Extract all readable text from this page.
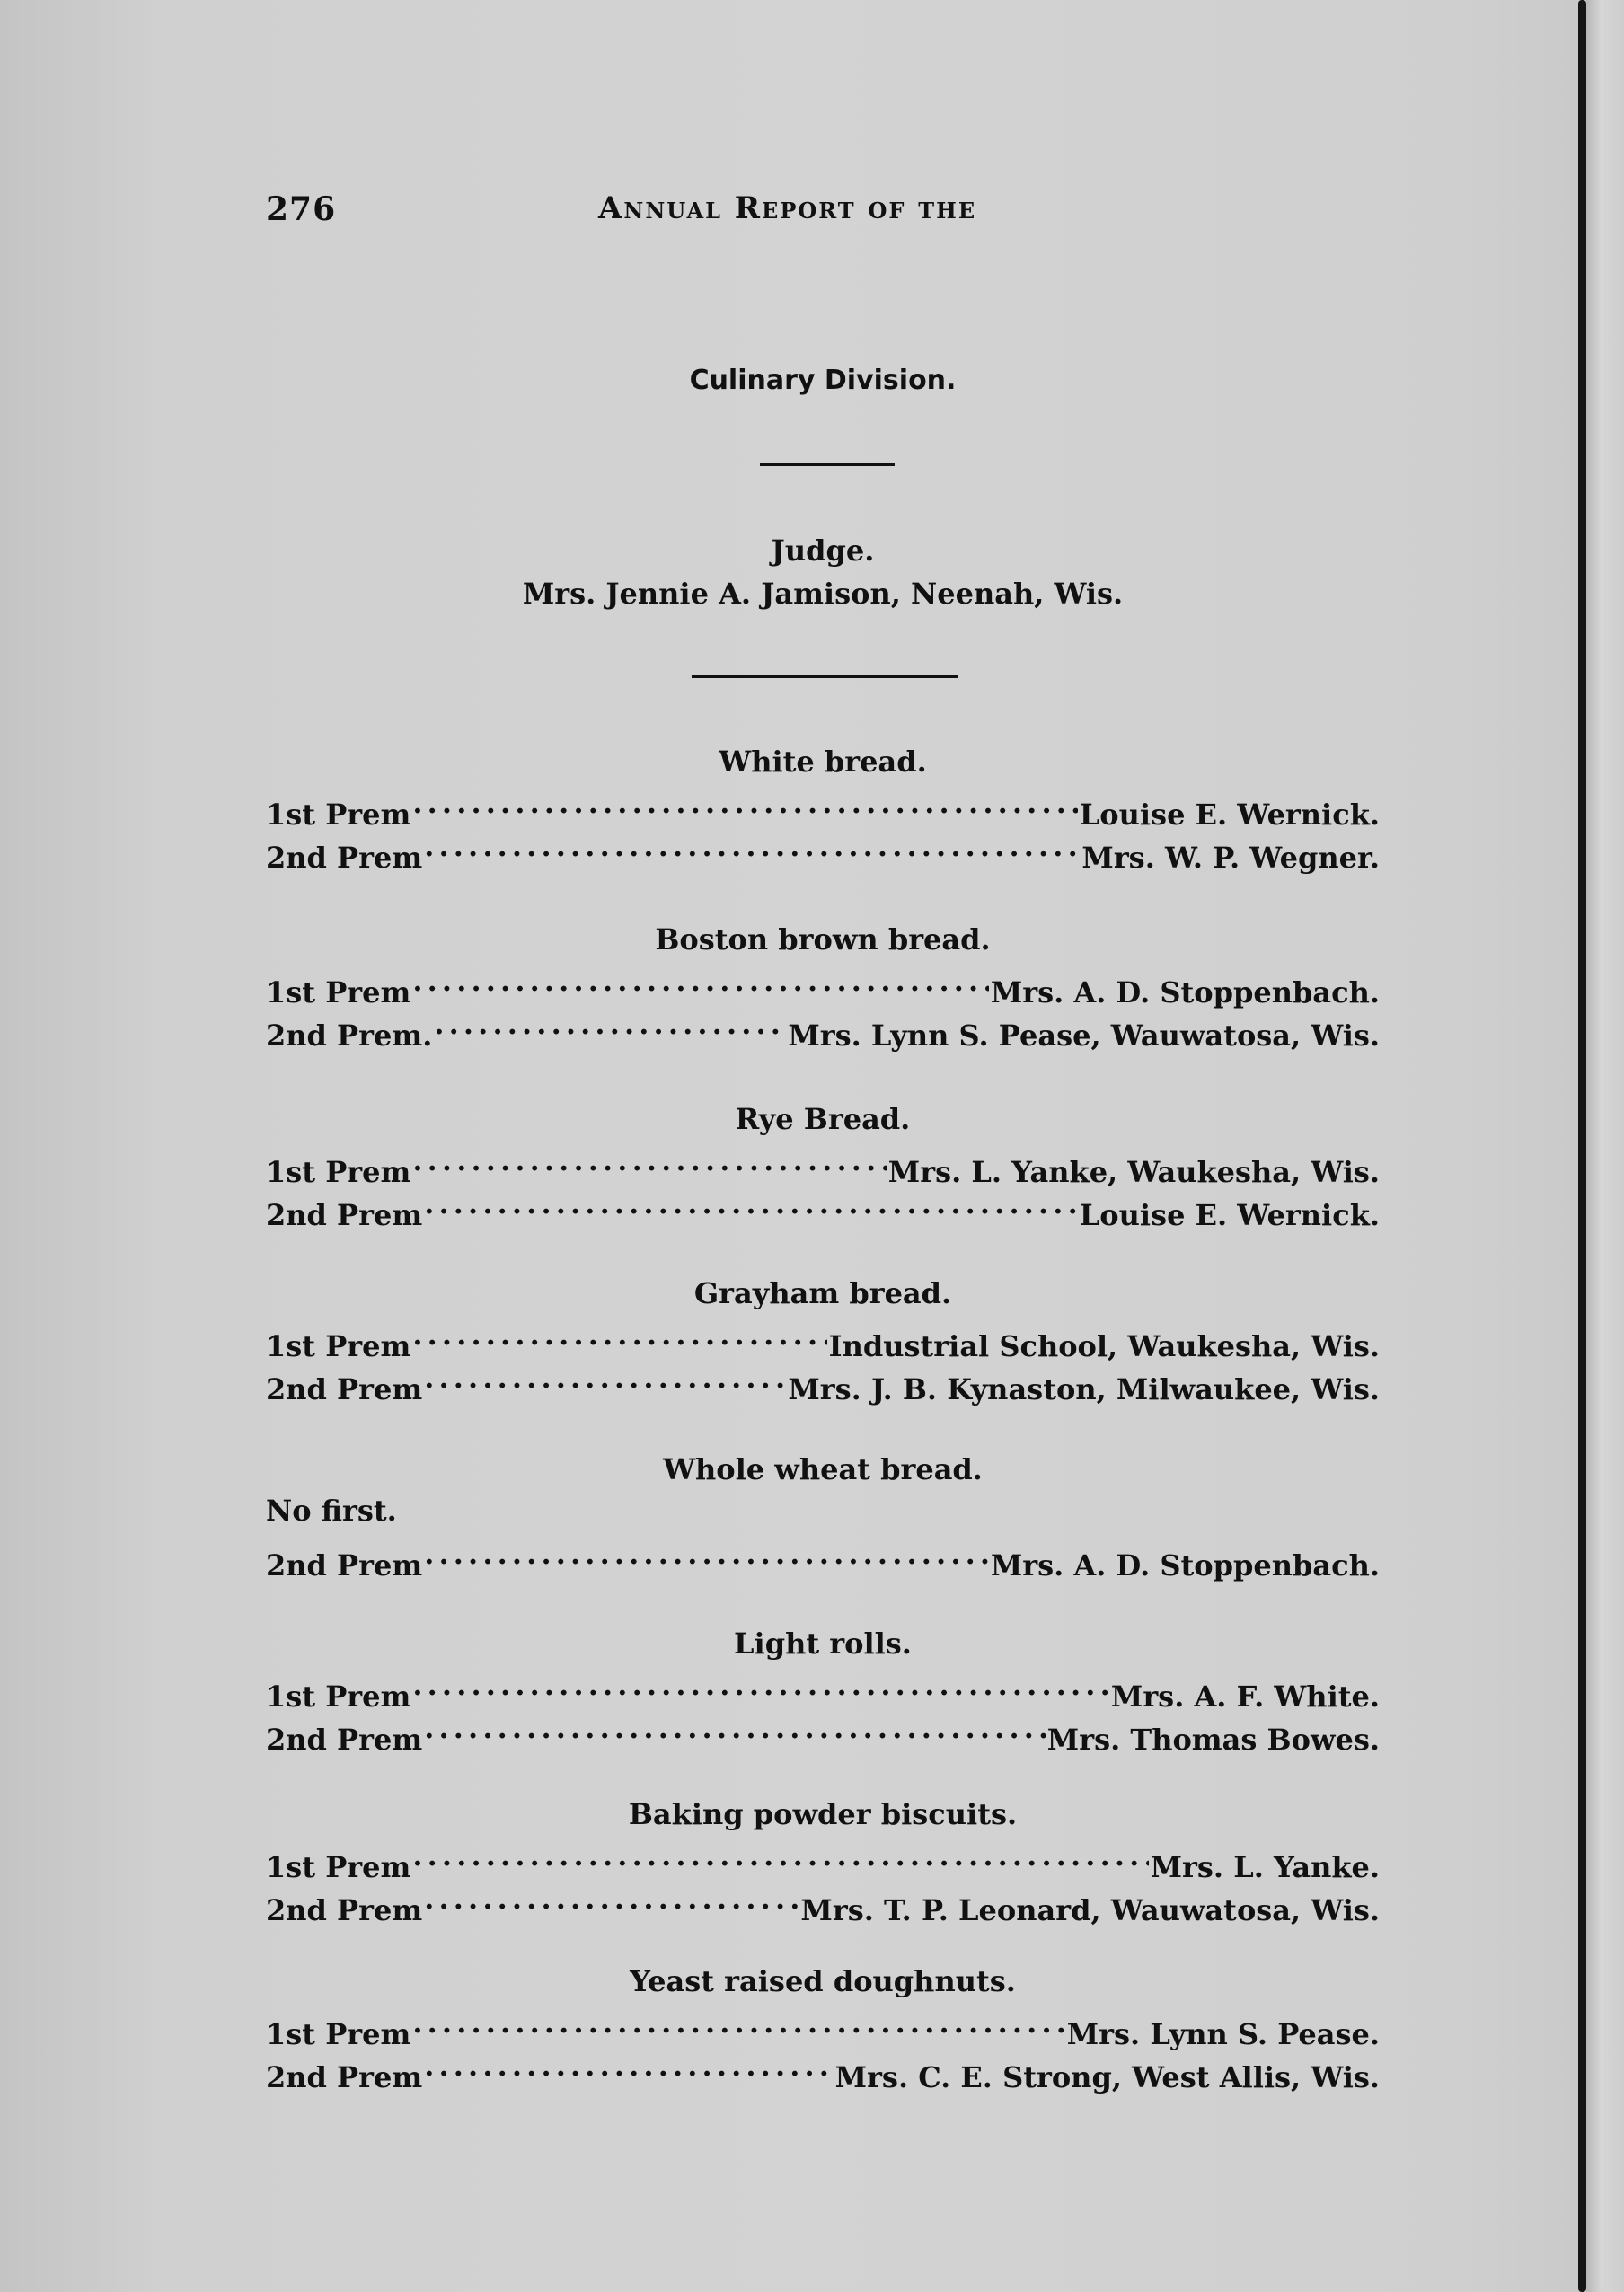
276	Annual Report of the
Culinary Division.
Judge.
Mrs. Jennie A. Jamison, Neenah, Wis.
White bread.
1st Prem . . .	Louise E. Wernick.
2nd Prem . . .	Mrs. W. P. Wegner.
Boston brown bread.
1st Prem . . .	Mrs. A. D. Stoppenbach.
2nd Prem. . . .	Mrs. Lynn S. Pease, Wauwatosa, Wis.
Rye Bread.
1st Prem . . .	Mrs. L. Yanke, Waukesha, Wis.
2nd Prem . . .	Louise E. Wernick.
Grayham bread.
1st Prem . . .	Industrial School, Waukesha, Wis.
2nd Prem . . .	Mrs. J. B. Kynaston, Milwaukee, Wis.
Whole wheat bread.
No first.
2nd Prem . . .	Mrs. A. D. Stoppenbach.
Light rolls.
1st Prem . . .	Mrs. A. F. White.
2nd Prem . . .	Mrs. Thomas Bowes.
Baking powder biscuits.
1st Prem . . .	Mrs. L. Yanke.
2nd Prem . . .	Mrs. T. P. Leonard, Wauwatosa, Wis.
Yeast raised doughnuts.
1st Prem . . .	Mrs. Lynn S. Pease.
2nd Prem . . .	Mrs. C. E. Strong, West Allis, Wis.
